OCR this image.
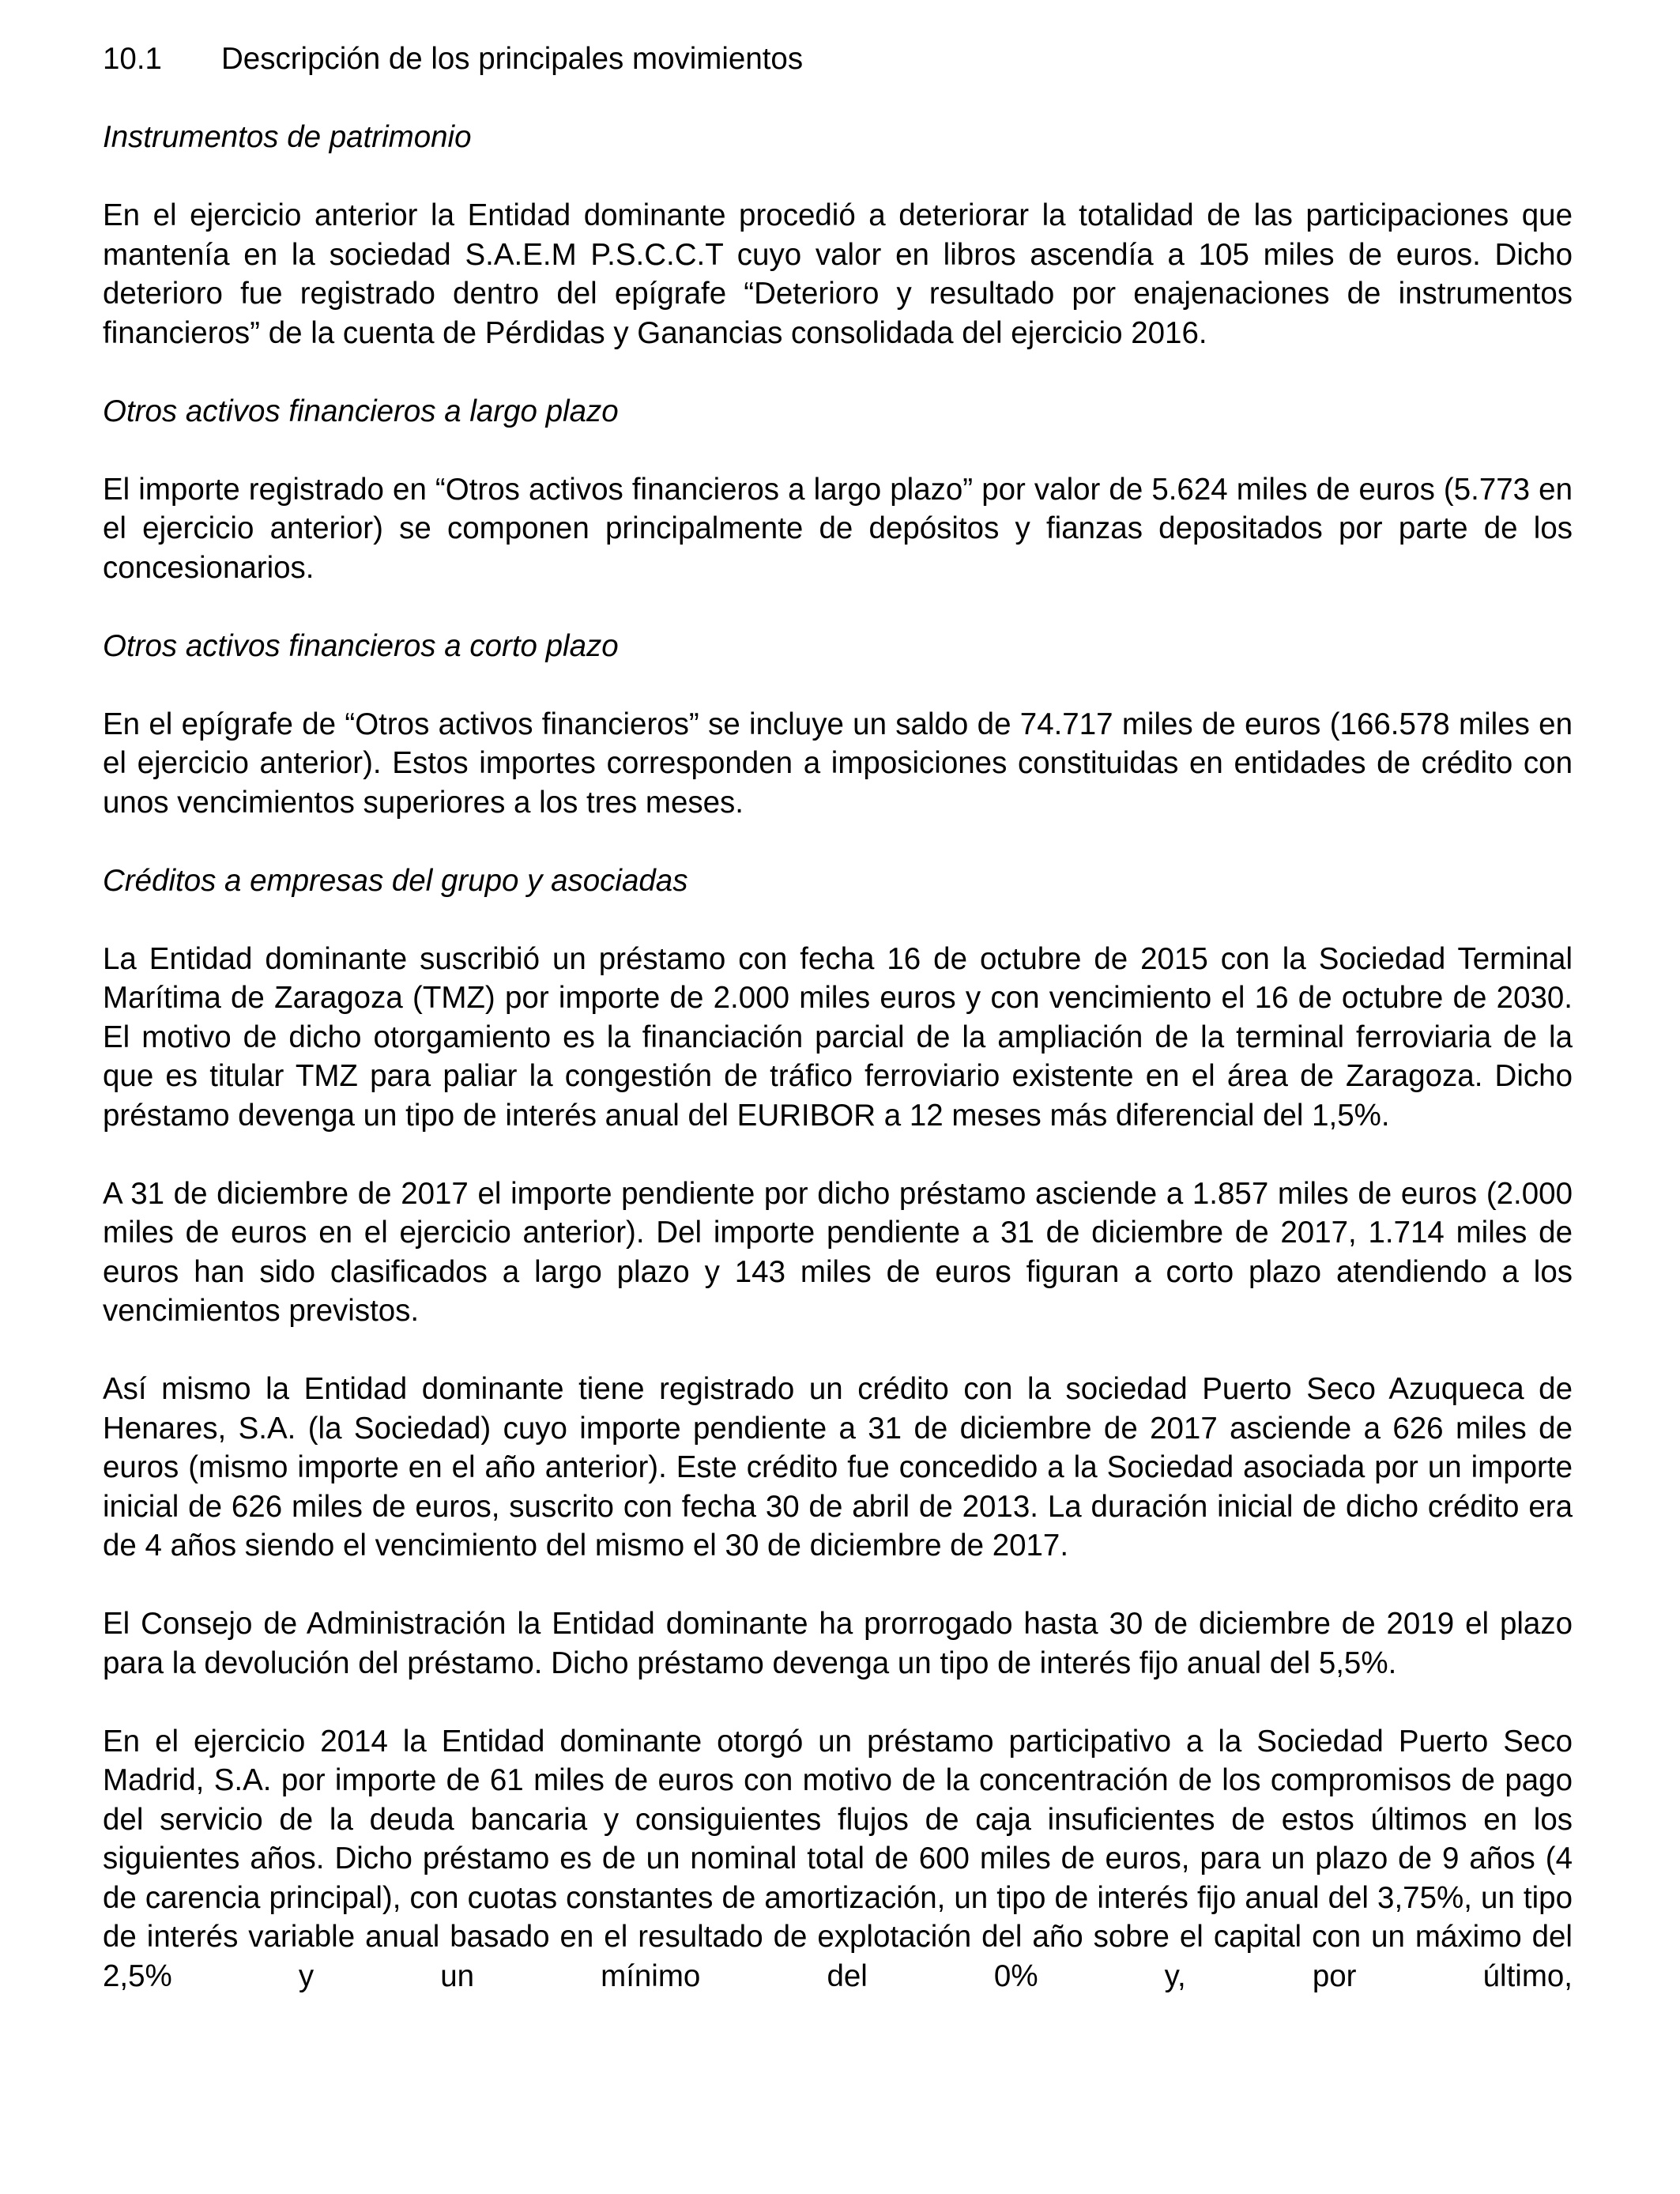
10.1 Descripción de los principales movimientos
Instrumentos de patrimonio

En el ejercicio anterior la Entidad dominante procedió a deteriorar la totalidad de las participaciones que mantenía en la sociedad S.A.E.M P.S.C.C.T cuyo valor en libros ascendía a 105 miles de euros. Dicho deterioro fue registrado dentro del epígrafe “Deterioro y resultado por enajenaciones de instrumentos financieros” de la cuenta de Pérdidas y Ganancias consolidada del ejercicio 2016.

Otros activos financieros a largo plazo

El importe registrado en “Otros activos financieros a largo plazo” por valor de 5.624 miles de euros (5.773 en el ejercicio anterior) se componen principalmente de depósitos y fianzas depositados por parte de los concesionarios.

Otros activos financieros a corto plazo

En el epígrafe de “Otros activos financieros” se incluye un saldo de 74.717 miles de euros (166.578 miles en el ejercicio anterior). Estos importes corresponden a imposiciones constituidas en entidades de crédito con unos vencimientos superiores a los tres meses.

Créditos a empresas del grupo y asociadas

La Entidad dominante suscribió un préstamo con fecha 16 de octubre de 2015 con la Sociedad Terminal Marítima de Zaragoza (TMZ) por importe de 2.000 miles euros y con vencimiento el 16 de octubre de 2030. El motivo de dicho otorgamiento es la financiación parcial de la ampliación de la terminal ferroviaria de la que es titular TMZ para paliar la congestión de tráfico ferroviario existente en el área de Zaragoza. Dicho préstamo devenga un tipo de interés anual del EURIBOR a 12 meses más diferencial del 1,5%.

A 31 de diciembre de 2017 el importe pendiente por dicho préstamo asciende a 1.857 miles de euros (2.000 miles de euros en el ejercicio anterior). Del importe pendiente a 31 de diciembre de 2017, 1.714 miles de euros han sido clasificados a largo plazo y 143 miles de euros figuran a corto plazo atendiendo a los vencimientos previstos.

Así mismo la Entidad dominante tiene registrado un crédito con la sociedad Puerto Seco Azuqueca de Henares, S.A. (la Sociedad) cuyo importe pendiente a 31 de diciembre de 2017 asciende a 626 miles de euros (mismo importe en el año anterior). Este crédito fue concedido a la Sociedad asociada por un importe inicial de 626 miles de euros, suscrito con fecha 30 de abril de 2013. La duración inicial de dicho crédito era de 4 años siendo el vencimiento del mismo el 30 de diciembre de 2017.

El Consejo de Administración la Entidad dominante ha prorrogado hasta 30 de diciembre de 2019 el plazo para la devolución del préstamo. Dicho préstamo devenga un tipo de interés fijo anual del 5,5%.

En el ejercicio 2014 la Entidad dominante otorgó un préstamo participativo a la Sociedad Puerto Seco Madrid, S.A. por importe de 61 miles de euros con motivo de la concentración de los compromisos de pago del servicio de la deuda bancaria y consiguientes flujos de caja insuficientes de estos últimos en los siguientes años. Dicho préstamo es de un nominal total de 600 miles de euros, para un plazo de 9 años (4 de carencia principal), con cuotas constantes de amortización, un tipo de interés fijo anual del 3,75%, un tipo de interés variable anual basado en el resultado de explotación del año sobre el capital con un máximo del 2,5% y un mínimo del 0% y, por último,
